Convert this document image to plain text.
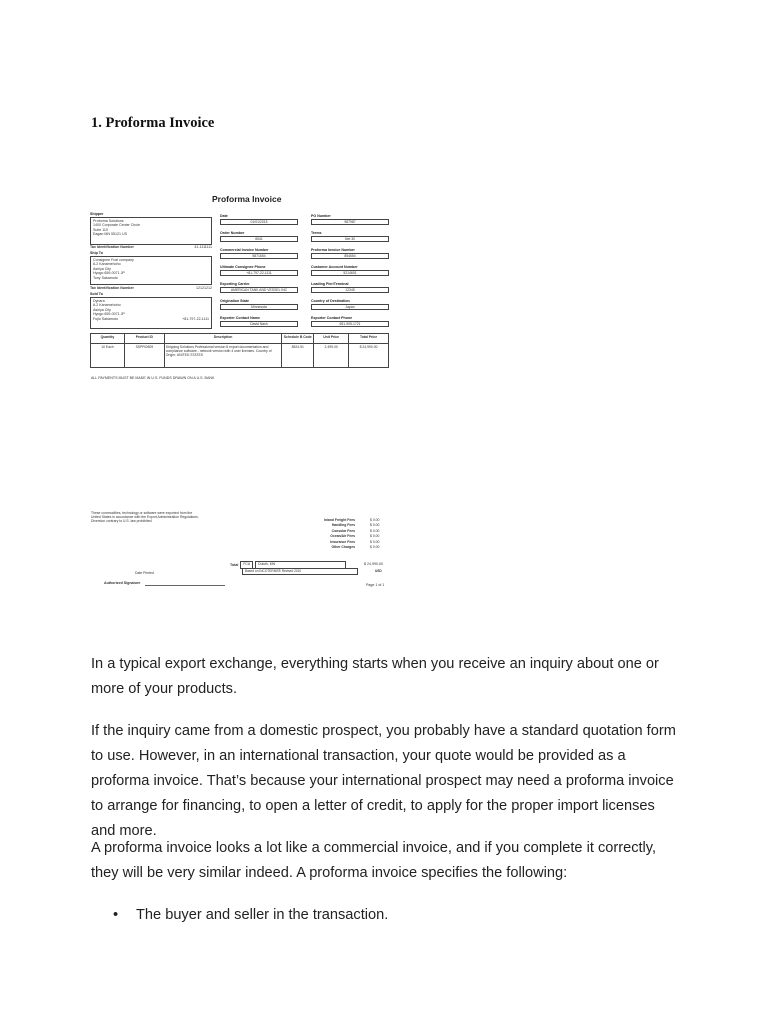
1. Proforma Invoice
Proforma Invoice
Shipper
Proforma Solutions
1400 Corporate Center Circle
Suite 110
Eagan MN 55121 US
Tax Identification Number	41-1111111
Ship To
Consignee Fuel company
8-2 Kanamehoho
Ashiya City
Hyogo 659-0071 JP
Tony Sakamoto
Tax Identification Number	12121212
Sold To
Dynara
8-2 Kanamehoho
Ashiya City
Hyogo 659-0071 JP
Fujio Sakamoto	+81-797-22-1111
Date
01/01/2015
Order Number
6541
Commercial Invoice Number
5871654
Ultimate Consignee Phone
+81-797-22-1111
Exporting Carrier
AMERICAN TANK AND VESSEL INC
Origination State
Minnesota
Exporter Contact Name
David Nash
PO Number
987987
Terms
Net 30
Proforma Invoice Number
854654
Customer Account Number
5214651
Loading Pier/Terminal
12345
Country of Destination
Japan
Exporter Contact Phone
651-905-1721
Quantity	Product ID	Description	Schedule B Code	Unit Price	Total Price
10 Each	SSPRO809	Shipping Solutions Professional version 8 export documentation and compliance software - network version with 4 user licenses. Country of Origin: UNITED STATES	8524.91	2,499.00	$ 24,990.00
ALL PAYMENTS MUST BE MADE IN U.S. FUNDS DRAWN ON A U.S. BANK
These commodities, technology or software were exported from the United States in accordance with the Export Administration Regulations. Diversion contrary to U.S. law prohibited.	Inland Freight Fees	$ 0.00
Handling Fees	$ 0.00
Consular Fees	$ 0.00
Ocean/Air Fees	$ 0.00
Insurance Fees	$ 0.00
Other Charges	$ 0.00
Total	FCA	Duluth, MN
Based on INCOTERMS® Revised 2010
$ 24,990.00
USD
Date Printed
Authorized Signature	Page 1 of 1

In a typical export exchange, everything starts when you receive an inquiry about one or more of your products.

If the inquiry came from a domestic prospect, you probably have a standard quotation form to use. However, in an international transaction, your quote would be provided as a proforma invoice. That’s because your international prospect may need a proforma invoice to arrange for financing, to open a letter of credit, to apply for the proper import licenses and more.

A proforma invoice looks a lot like a commercial invoice, and if you complete it correctly, they will be very similar indeed. A proforma invoice specifies the following:

• The buyer and seller in the transaction.
